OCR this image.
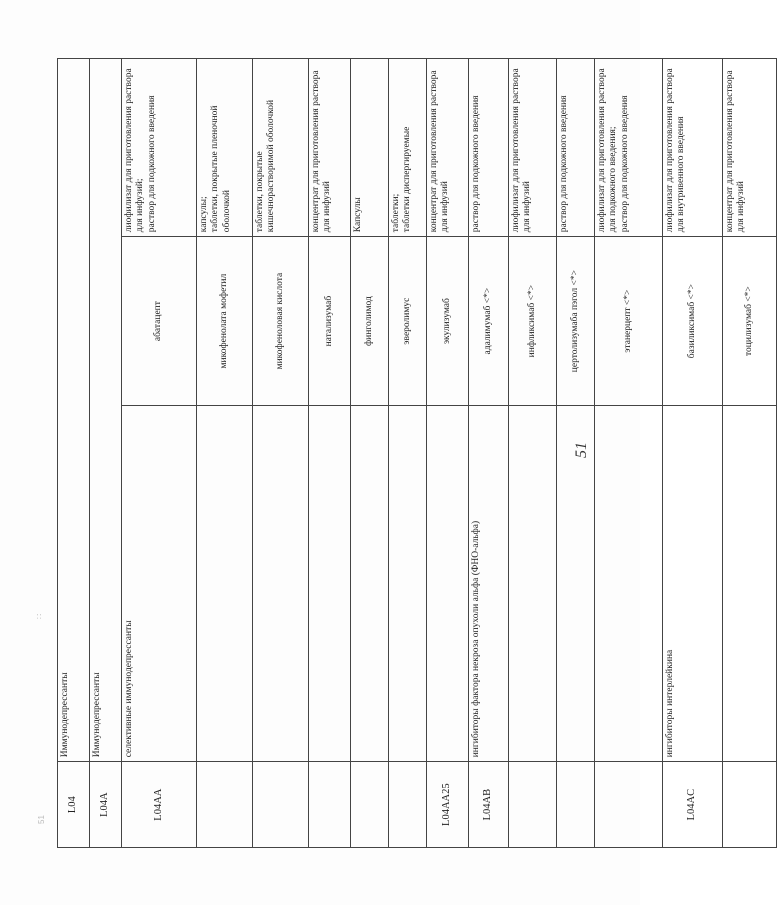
L04	Иммунодепрессанты		
L04A	Иммунодепрессанты		
L04AA	селективные иммунодепрессанты	абатацепт	лиофилизат для приготовления раствора для инфузий;
раствор для подкожного введения
		микофенолата мофетил	капсулы;
таблетки, покрытые пленочной оболочкой
		микофеноловая кислота	таблетки, покрытые кишечнорастворимой оболочкой
		натализумаб	концентрат для приготовления раствора для инфузий
		финголимод	Капсулы
		эверолимус	таблетки;
таблетки диспергируемые
L04AA25		экулизумаб	концентрат для приготовления раствора для инфузий
L04AB	ингибиторы фактора некроза опухоли альфа (ФНО-альфа)	адалимумаб <*>	раствор для подкожного введения
		инфликсимаб <*>	лиофилизат для приготовления раствора для инфузий
		цертолизумаба пэгол <*>	раствор для подкожного введения
		этанерцепт <*>	лиофилизат для приготовления раствора для подкожного введения;
раствор для подкожного введения
L04AC	ингибиторы интерлейкина	базиликсимаб <*>	лиофилизат для приготовления раствора для внутривенного введения
		тоцилизумаб <*>	концентрат для приготовления раствора для инфузий
51
51
∷
